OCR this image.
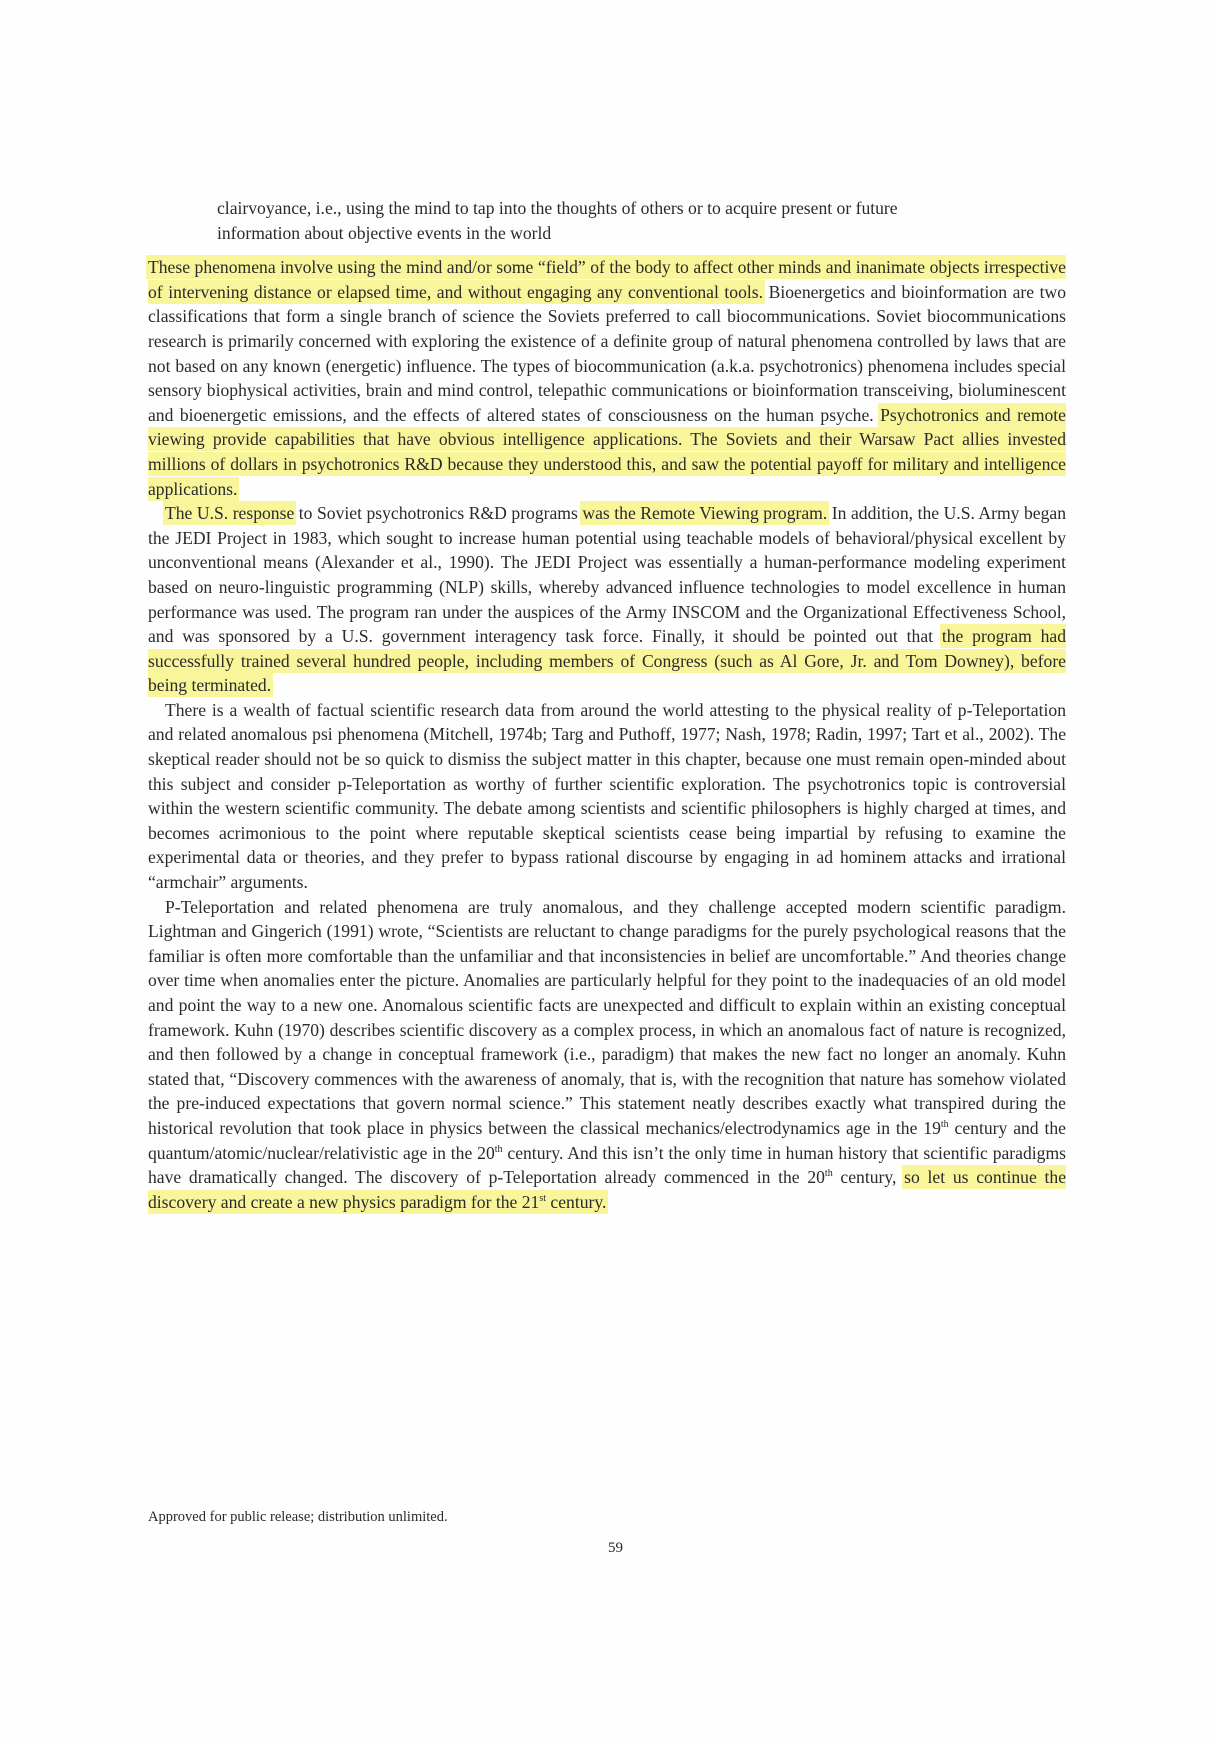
clairvoyance, i.e., using the mind to tap into the thoughts of others or to acquire present or future

information about objective events in the world

These phenomena involve using the mind and/or some “field” of the body to affect other minds and inanimate objects irrespective of intervening distance or elapsed time, and without engaging any conventional tools. Bioenergetics and bioinformation are two classifications that form a single branch of science the Soviets preferred to call biocommunications. Soviet biocommunications research is primarily concerned with exploring the existence of a definite group of natural phenomena controlled by laws that are not based on any known (energetic) influence. The types of biocommunication (a.k.a. psychotronics) phenomena includes special sensory biophysical activities, brain and mind control, telepathic communications or bioinformation transceiving, bioluminescent and bioenergetic emissions, and the effects of altered states of consciousness on the human psyche. Psychotronics and remote viewing provide capabilities that have obvious intelligence applications. The Soviets and their Warsaw Pact allies invested millions of dollars in psychotronics R&D because they understood this, and saw the potential payoff for military and intelligence applications.

The U.S. response to Soviet psychotronics R&D programs was the Remote Viewing program. In addition, the U.S. Army began the JEDI Project in 1983, which sought to increase human potential using teachable models of behavioral/physical excellent by unconventional means (Alexander et al., 1990). The JEDI Project was essentially a human-performance modeling experiment based on neuro-linguistic programming (NLP) skills, whereby advanced influence technologies to model excellence in human performance was used. The program ran under the auspices of the Army INSCOM and the Organizational Effectiveness School, and was sponsored by a U.S. government interagency task force. Finally, it should be pointed out that the program had successfully trained several hundred people, including members of Congress (such as Al Gore, Jr. and Tom Downey), before being terminated.

There is a wealth of factual scientific research data from around the world attesting to the physical reality of p-Teleportation and related anomalous psi phenomena (Mitchell, 1974b; Targ and Puthoff, 1977; Nash, 1978; Radin, 1997; Tart et al., 2002). The skeptical reader should not be so quick to dismiss the subject matter in this chapter, because one must remain open-minded about this subject and consider p-Teleportation as worthy of further scientific exploration. The psychotronics topic is controversial within the western scientific community. The debate among scientists and scientific philosophers is highly charged at times, and becomes acrimonious to the point where reputable skeptical scientists cease being impartial by refusing to examine the experimental data or theories, and they prefer to bypass rational discourse by engaging in ad hominem attacks and irrational “armchair” arguments.

P-Teleportation and related phenomena are truly anomalous, and they challenge accepted modern scientific paradigm. Lightman and Gingerich (1991) wrote, “Scientists are reluctant to change paradigms for the purely psychological reasons that the familiar is often more comfortable than the unfamiliar and that inconsistencies in belief are uncomfortable.” And theories change over time when anomalies enter the picture. Anomalies are particularly helpful for they point to the inadequacies of an old model and point the way to a new one. Anomalous scientific facts are unexpected and difficult to explain within an existing conceptual framework. Kuhn (1970) describes scientific discovery as a complex process, in which an anomalous fact of nature is recognized, and then followed by a change in conceptual framework (i.e., paradigm) that makes the new fact no longer an anomaly. Kuhn stated that, “Discovery commences with the awareness of anomaly, that is, with the recognition that nature has somehow violated the pre-induced expectations that govern normal science.” This statement neatly describes exactly what transpired during the historical revolution that took place in physics between the classical mechanics/electrodynamics age in the 19th century and the quantum/atomic/nuclear/relativistic age in the 20th century. And this isn’t the only time in human history that scientific paradigms have dramatically changed. The discovery of p-Teleportation already commenced in the 20th century, so let us continue the discovery and create a new physics paradigm for the 21st century.

Approved for public release; distribution unlimited.
59
